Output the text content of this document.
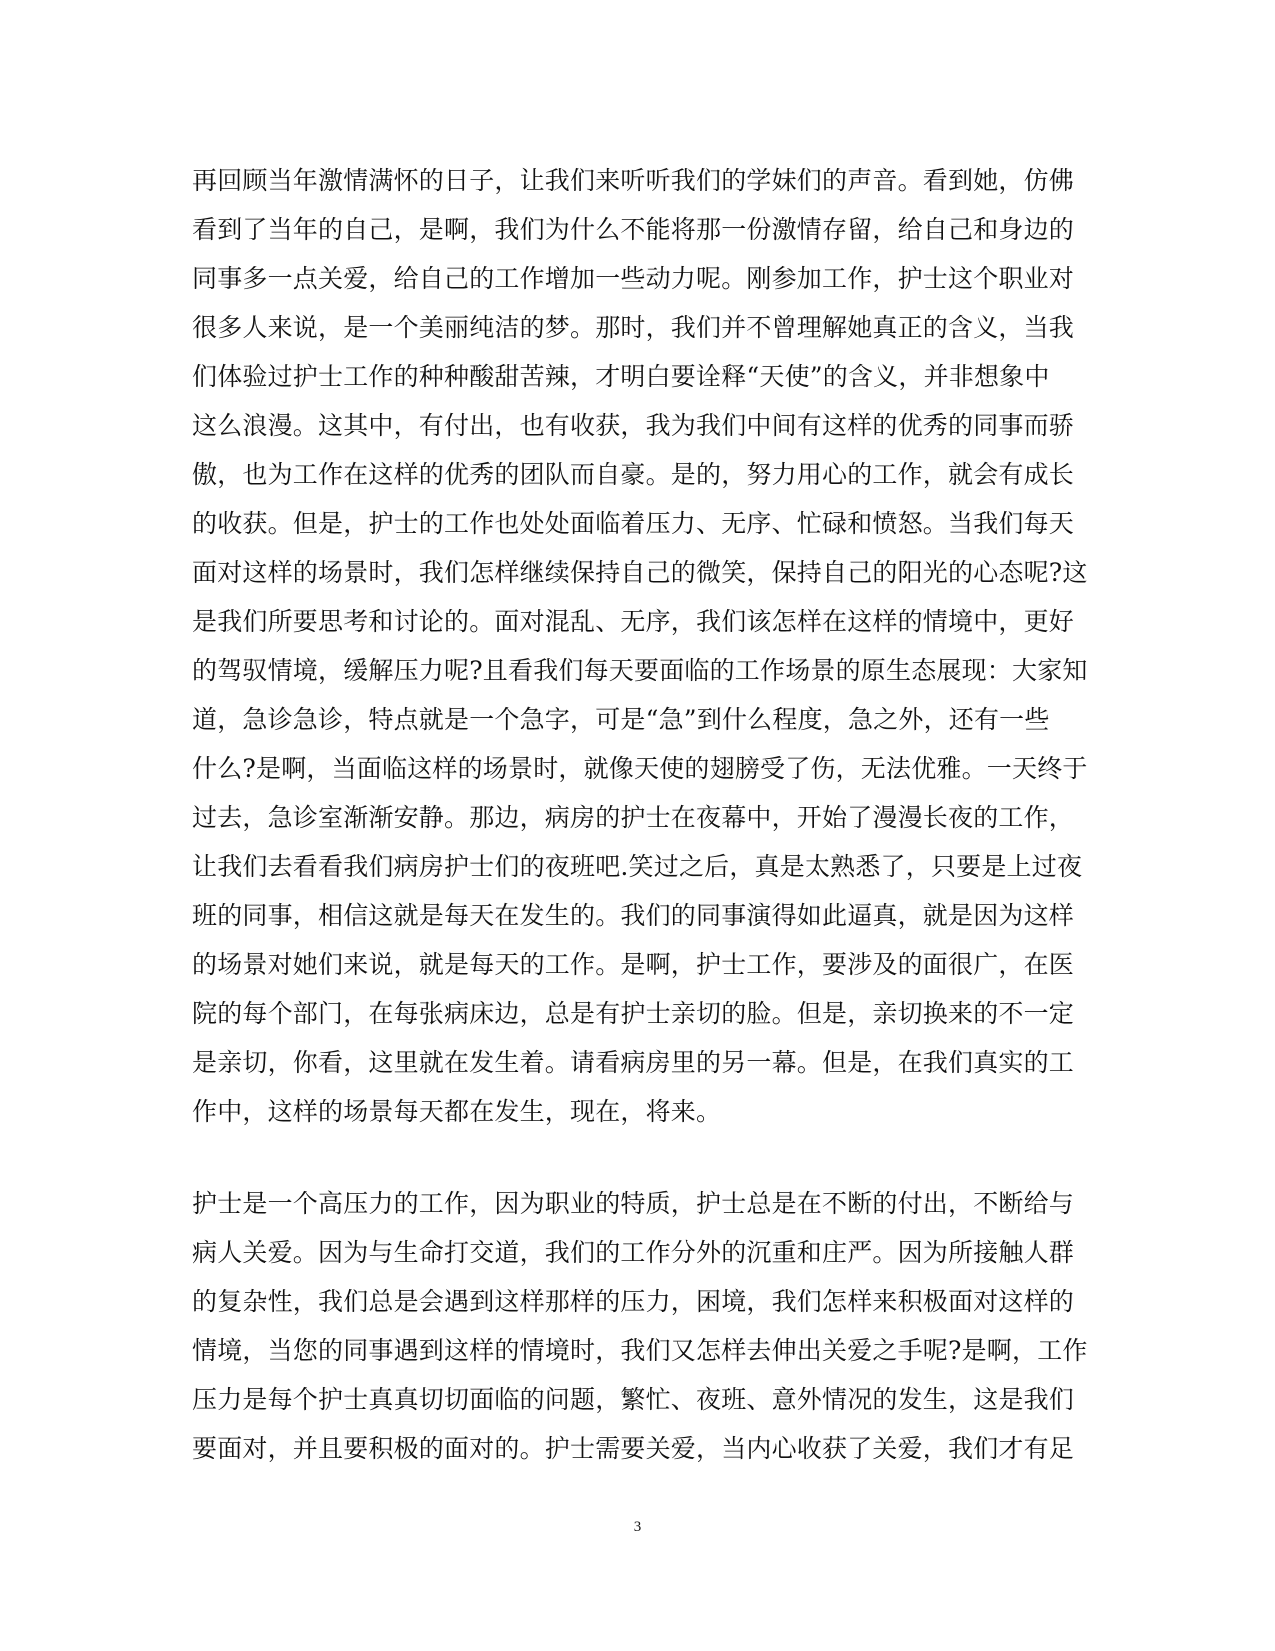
再回顾当年激情满怀的日子，让我们来听听我们的学妹们的声音。看到她，仿佛
看到了当年的自己，是啊，我们为什么不能将那一份激情存留，给自己和身边的
同事多一点关爱，给自己的工作增加一些动力呢。刚参加工作，护士这个职业对
很多人来说，是一个美丽纯洁的梦。那时，我们并不曾理解她真正的含义，当我
们体验过护士工作的种种酸甜苦辣，才明白要诠释“天使”的含义，并非想象中
这么浪漫。这其中，有付出，也有收获，我为我们中间有这样的优秀的同事而骄
傲，也为工作在这样的优秀的团队而自豪。是的，努力用心的工作，就会有成长
的收获。但是，护士的工作也处处面临着压力、无序、忙碌和愤怒。当我们每天
面对这样的场景时，我们怎样继续保持自己的微笑，保持自己的阳光的心态呢?这
是我们所要思考和讨论的。面对混乱、无序，我们该怎样在这样的情境中，更好
的驾驭情境，缓解压力呢?且看我们每天要面临的工作场景的原生态展现：大家知
道，急诊急诊，特点就是一个急字，可是“急”到什么程度，急之外，还有一些
什么?是啊，当面临这样的场景时，就像天使的翅膀受了伤，无法优雅。一天终于
过去，急诊室渐渐安静。那边，病房的护士在夜幕中，开始了漫漫长夜的工作，
让我们去看看我们病房护士们的夜班吧.笑过之后，真是太熟悉了，只要是上过夜
班的同事，相信这就是每天在发生的。我们的同事演得如此逼真，就是因为这样
的场景对她们来说，就是每天的工作。是啊，护士工作，要涉及的面很广，在医
院的每个部门，在每张病床边，总是有护士亲切的脸。但是，亲切换来的不一定
是亲切，你看，这里就在发生着。请看病房里的另一幕。但是，在我们真实的工
作中，这样的场景每天都在发生，现在，将来。
护士是一个高压力的工作，因为职业的特质，护士总是在不断的付出，不断给与
病人关爱。因为与生命打交道，我们的工作分外的沉重和庄严。因为所接触人群
的复杂性，我们总是会遇到这样那样的压力，困境，我们怎样来积极面对这样的
情境，当您的同事遇到这样的情境时，我们又怎样去伸出关爱之手呢?是啊，工作
压力是每个护士真真切切面临的问题，繁忙、夜班、意外情况的发生，这是我们
要面对，并且要积极的面对的。护士需要关爱，当内心收获了关爱，我们才有足
3
